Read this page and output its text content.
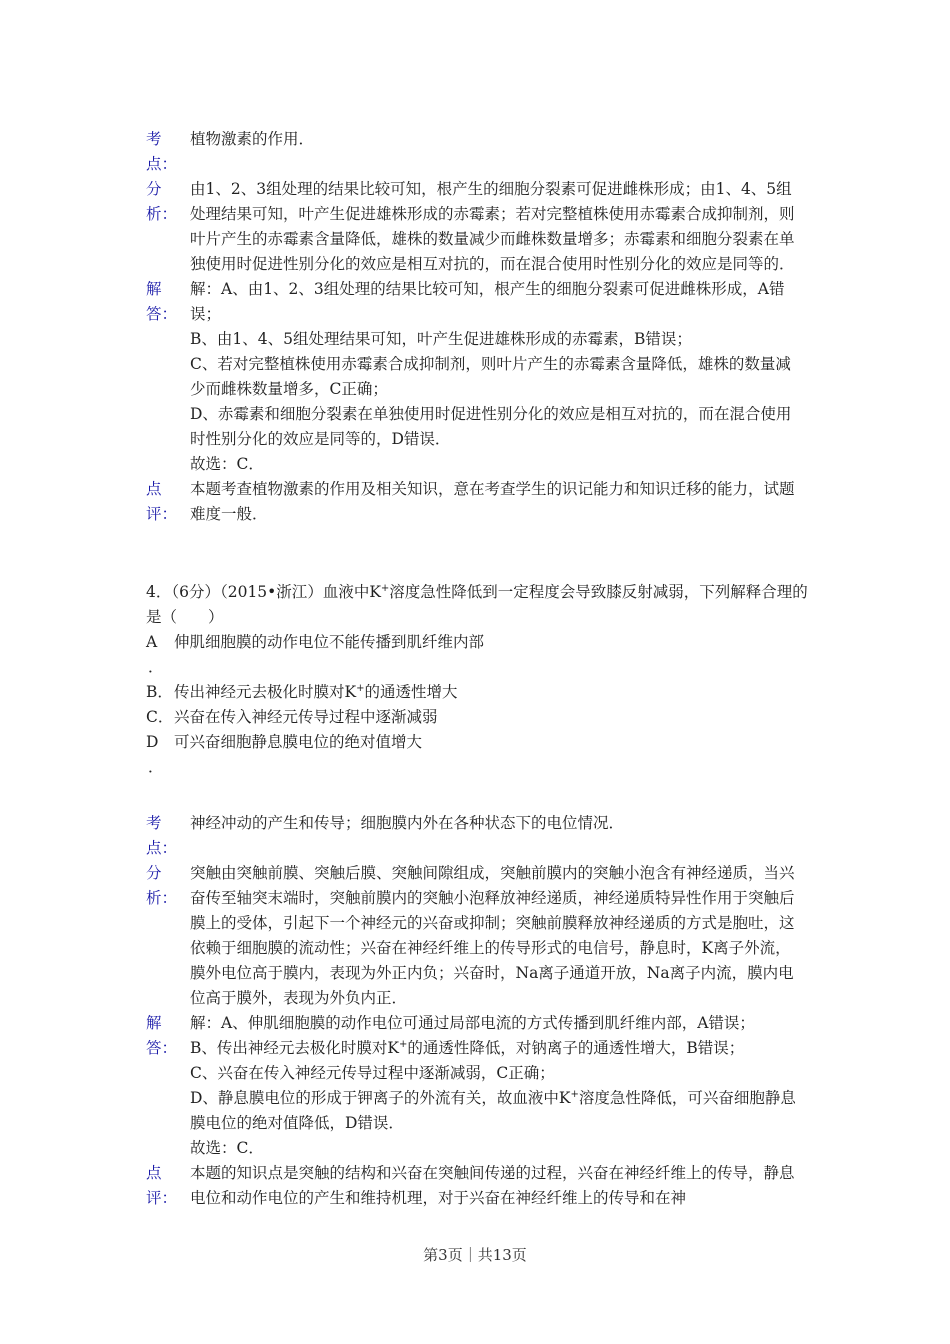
考
点：
植物激素的作用．
分
析：
由1、2、3组处理的结果比较可知，根产生的细胞分裂素可促进雌株形成；由1、4、5组处理结果可知，叶产生促进雄株形成的赤霉素；若对完整植株使用赤霉素合成抑制剂，则叶片产生的赤霉素含量降低，雄株的数量减少而雌株数量增多；赤霉素和细胞分裂素在单独使用时促进性别分化的效应是相互对抗的，而在混合使用时性别分化的效应是同等的．
解
答：

解：A、由1、2、3组处理的结果比较可知，根产生的细胞分裂素可促进雌株形成，A错误；

B、由1、4、5组处理结果可知，叶产生促进雄株形成的赤霉素，B错误；

C、若对完整植株使用赤霉素合成抑制剂，则叶片产生的赤霉素含量降低，雄株的数量减少而雌株数量增多，C正确；

D、赤霉素和细胞分裂素在单独使用时促进性别分化的效应是相互对抗的，而在混合使用时性别分化的效应是同等的，D错误．

故选：C．

点
评：
本题考查植物激素的作用及相关知识，意在考查学生的识记能力和知识迁移的能力，试题难度一般．

4．（6分）（2015•浙江）血液中K+溶度急性降低到一定程度会导致膝反射减弱，下列解释合理的是（　　）

A	伸肌细胞膜的动作电位不能传播到肌纤维内部
．
B． 传出神经元去极化时膜对K+的通透性增大
C． 兴奋在传入神经元传导过程中逐渐减弱
D	可兴奋细胞静息膜电位的绝对值增大
．
考
点：
神经冲动的产生和传导；细胞膜内外在各种状态下的电位情况．
分
析：
突触由突触前膜、突触后膜、突触间隙组成，突触前膜内的突触小泡含有神经递质，当兴奋传至轴突末端时，突触前膜内的突触小泡释放神经递质，神经递质特异性作用于突触后膜上的受体，引起下一个神经元的兴奋或抑制；突触前膜释放神经递质的方式是胞吐，这依赖于细胞膜的流动性；兴奋在神经纤维上的传导形式的电信号，静息时，K离子外流，膜外电位高于膜内，表现为外正内负；兴奋时，Na离子通道开放，Na离子内流，膜内电位高于膜外，表现为外负内正．
解
答：

解：A、伸肌细胞膜的动作电位可通过局部电流的方式传播到肌纤维内部，A错误；

B、传出神经元去极化时膜对K+的通透性降低，对钠离子的通透性增大，B错误；

C、兴奋在传入神经元传导过程中逐渐减弱，C正确；

D、静息膜电位的形成于钾离子的外流有关，故血液中K+溶度急性降低，可兴奋细胞静息膜电位的绝对值降低，D错误．

故选：C．

点
评：
本题的知识点是突触的结构和兴奋在突触间传递的过程，兴奋在神经纤维上的传导，静息电位和动作电位的产生和维持机理，对于兴奋在神经纤维上的传导和在神
第3页｜共13页
